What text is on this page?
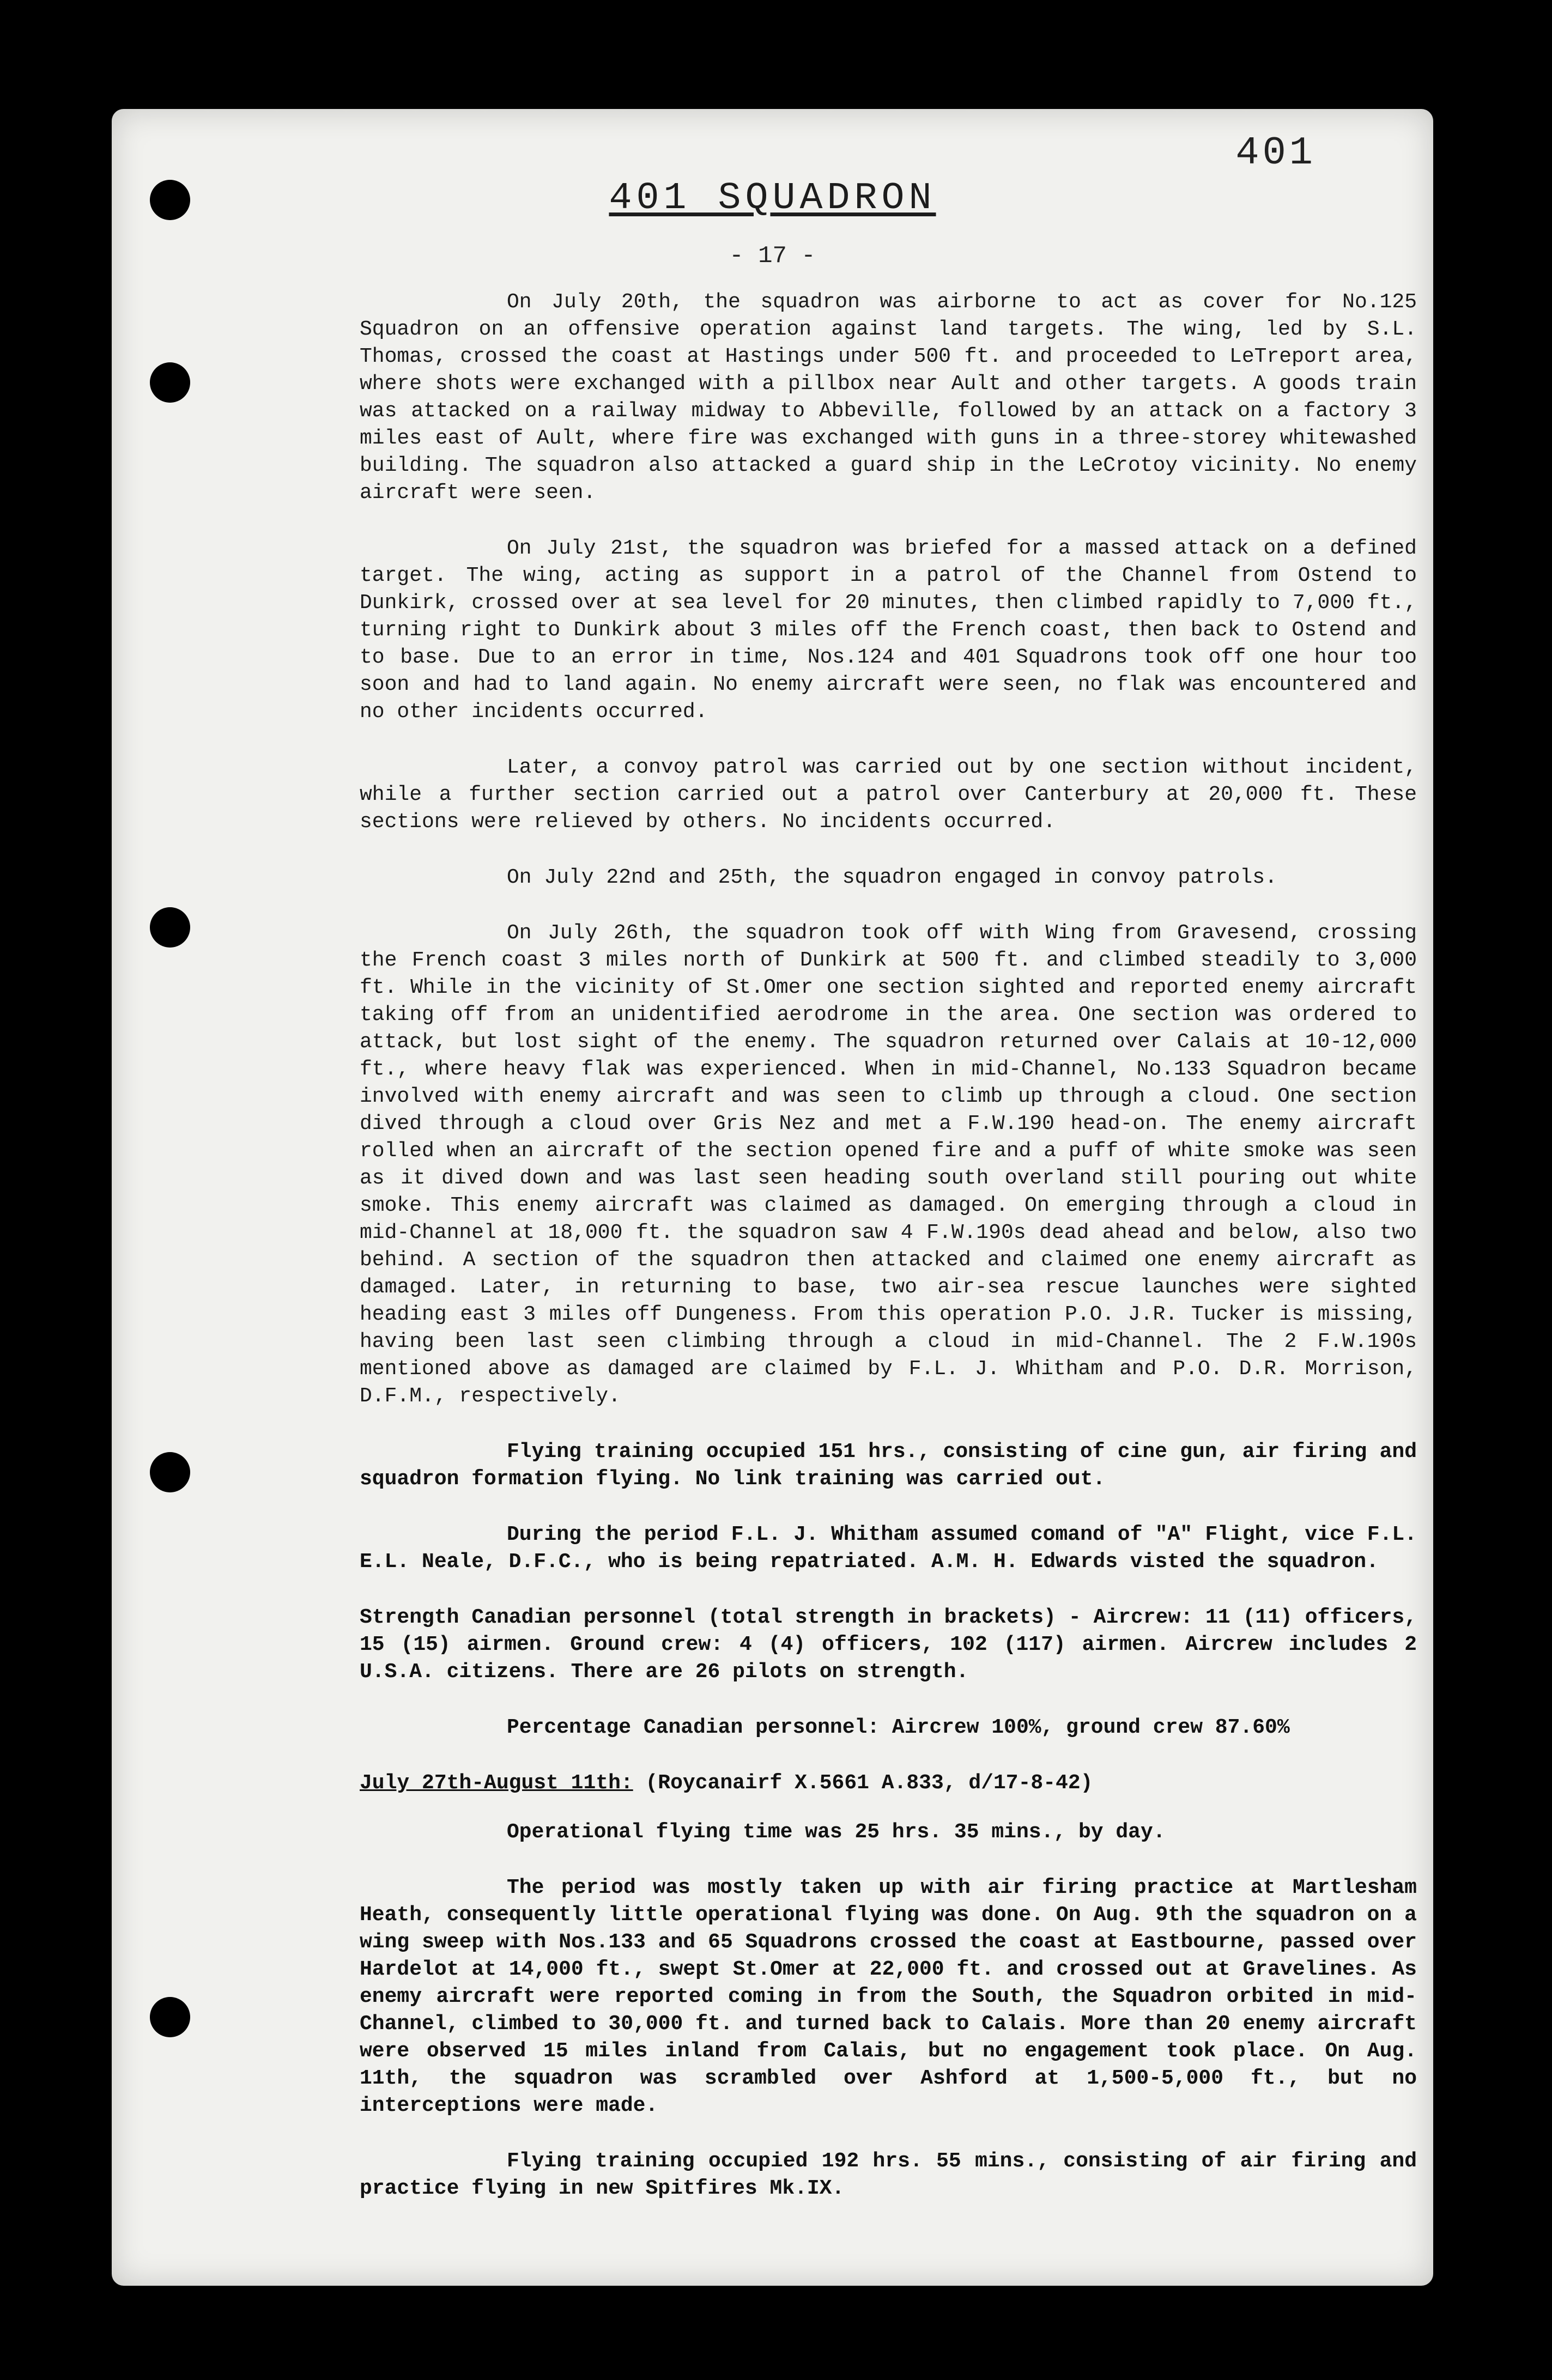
401
401 SQUADRON
- 17 -

On July 20th, the squadron was airborne to act as cover for No.125 Squadron on an offensive operation against land targets. The wing, led by S.L. Thomas, crossed the coast at Hastings under 500 ft. and proceeded to LeTreport area, where shots were exchanged with a pillbox near Ault and other targets. A goods train was attacked on a railway midway to Abbeville, followed by an attack on a factory 3 miles east of Ault, where fire was exchanged with guns in a three-storey whitewashed building. The squadron also attacked a guard ship in the LeCrotoy vicinity. No enemy aircraft were seen.

On July 21st, the squadron was briefed for a massed attack on a defined target. The wing, acting as support in a patrol of the Channel from Ostend to Dunkirk, crossed over at sea level for 20 minutes, then climbed rapidly to 7,000 ft., turning right to Dunkirk about 3 miles off the French coast, then back to Ostend and to base. Due to an error in time, Nos.124 and 401 Squadrons took off one hour too soon and had to land again. No enemy aircraft were seen, no flak was encountered and no other incidents occurred.

Later, a convoy patrol was carried out by one section without incident, while a further section carried out a patrol over Canterbury at 20,000 ft. These sections were relieved by others. No incidents occurred.

On July 22nd and 25th, the squadron engaged in convoy patrols.

On July 26th, the squadron took off with Wing from Gravesend, crossing the French coast 3 miles north of Dunkirk at 500 ft. and climbed steadily to 3,000 ft. While in the vicinity of St.Omer one section sighted and reported enemy aircraft taking off from an unidentified aerodrome in the area. One section was ordered to attack, but lost sight of the enemy. The squadron returned over Calais at 10-12,000 ft., where heavy flak was experienced. When in mid-Channel, No.133 Squadron became involved with enemy aircraft and was seen to climb up through a cloud. One section dived through a cloud over Gris Nez and met a F.W.190 head-on. The enemy aircraft rolled when an aircraft of the section opened fire and a puff of white smoke was seen as it dived down and was last seen heading south overland still pouring out white smoke. This enemy aircraft was claimed as damaged. On emerging through a cloud in mid-Channel at 18,000 ft. the squadron saw 4 F.W.190s dead ahead and below, also two behind. A section of the squadron then attacked and claimed one enemy aircraft as damaged. Later, in returning to base, two air-sea rescue launches were sighted heading east 3 miles off Dungeness. From this operation P.O. J.R. Tucker is missing, having been last seen climbing through a cloud in mid-Channel. The 2 F.W.190s mentioned above as damaged are claimed by F.L. J. Whitham and P.O. D.R. Morrison, D.F.M., respectively.

Flying training occupied 151 hrs., consisting of cine gun, air firing and squadron formation flying. No link training was carried out.

During the period F.L. J. Whitham assumed comand of "A" Flight, vice F.L. E.L. Neale, D.F.C., who is being repatriated. A.M. H. Edwards visted the squadron.

Strength Canadian personnel (total strength in brackets) - Aircrew: 11 (11) officers, 15 (15) airmen. Ground crew: 4 (4) officers, 102 (117) airmen. Aircrew includes 2 U.S.A. citizens. There are 26 pilots on strength.

Percentage Canadian personnel: Aircrew 100%, ground crew 87.60%

July 27th-August 11th: (Roycanairf X.5661 A.833, d/17-8-42)

Operational flying time was 25 hrs. 35 mins., by day.

The period was mostly taken up with air firing practice at Martlesham Heath, consequently little operational flying was done. On Aug. 9th the squadron on a wing sweep with Nos.133 and 65 Squadrons crossed the coast at Eastbourne, passed over Hardelot at 14,000 ft., swept St.Omer at 22,000 ft. and crossed out at Gravelines. As enemy aircraft were reported coming in from the South, the Squadron orbited in mid-Channel, climbed to 30,000 ft. and turned back to Calais. More than 20 enemy aircraft were observed 15 miles inland from Calais, but no engagement took place. On Aug. 11th, the squadron was scrambled over Ashford at 1,500-5,000 ft., but no interceptions were made.

Flying training occupied 192 hrs. 55 mins., consisting of air firing and practice flying in new Spitfires Mk.IX.
